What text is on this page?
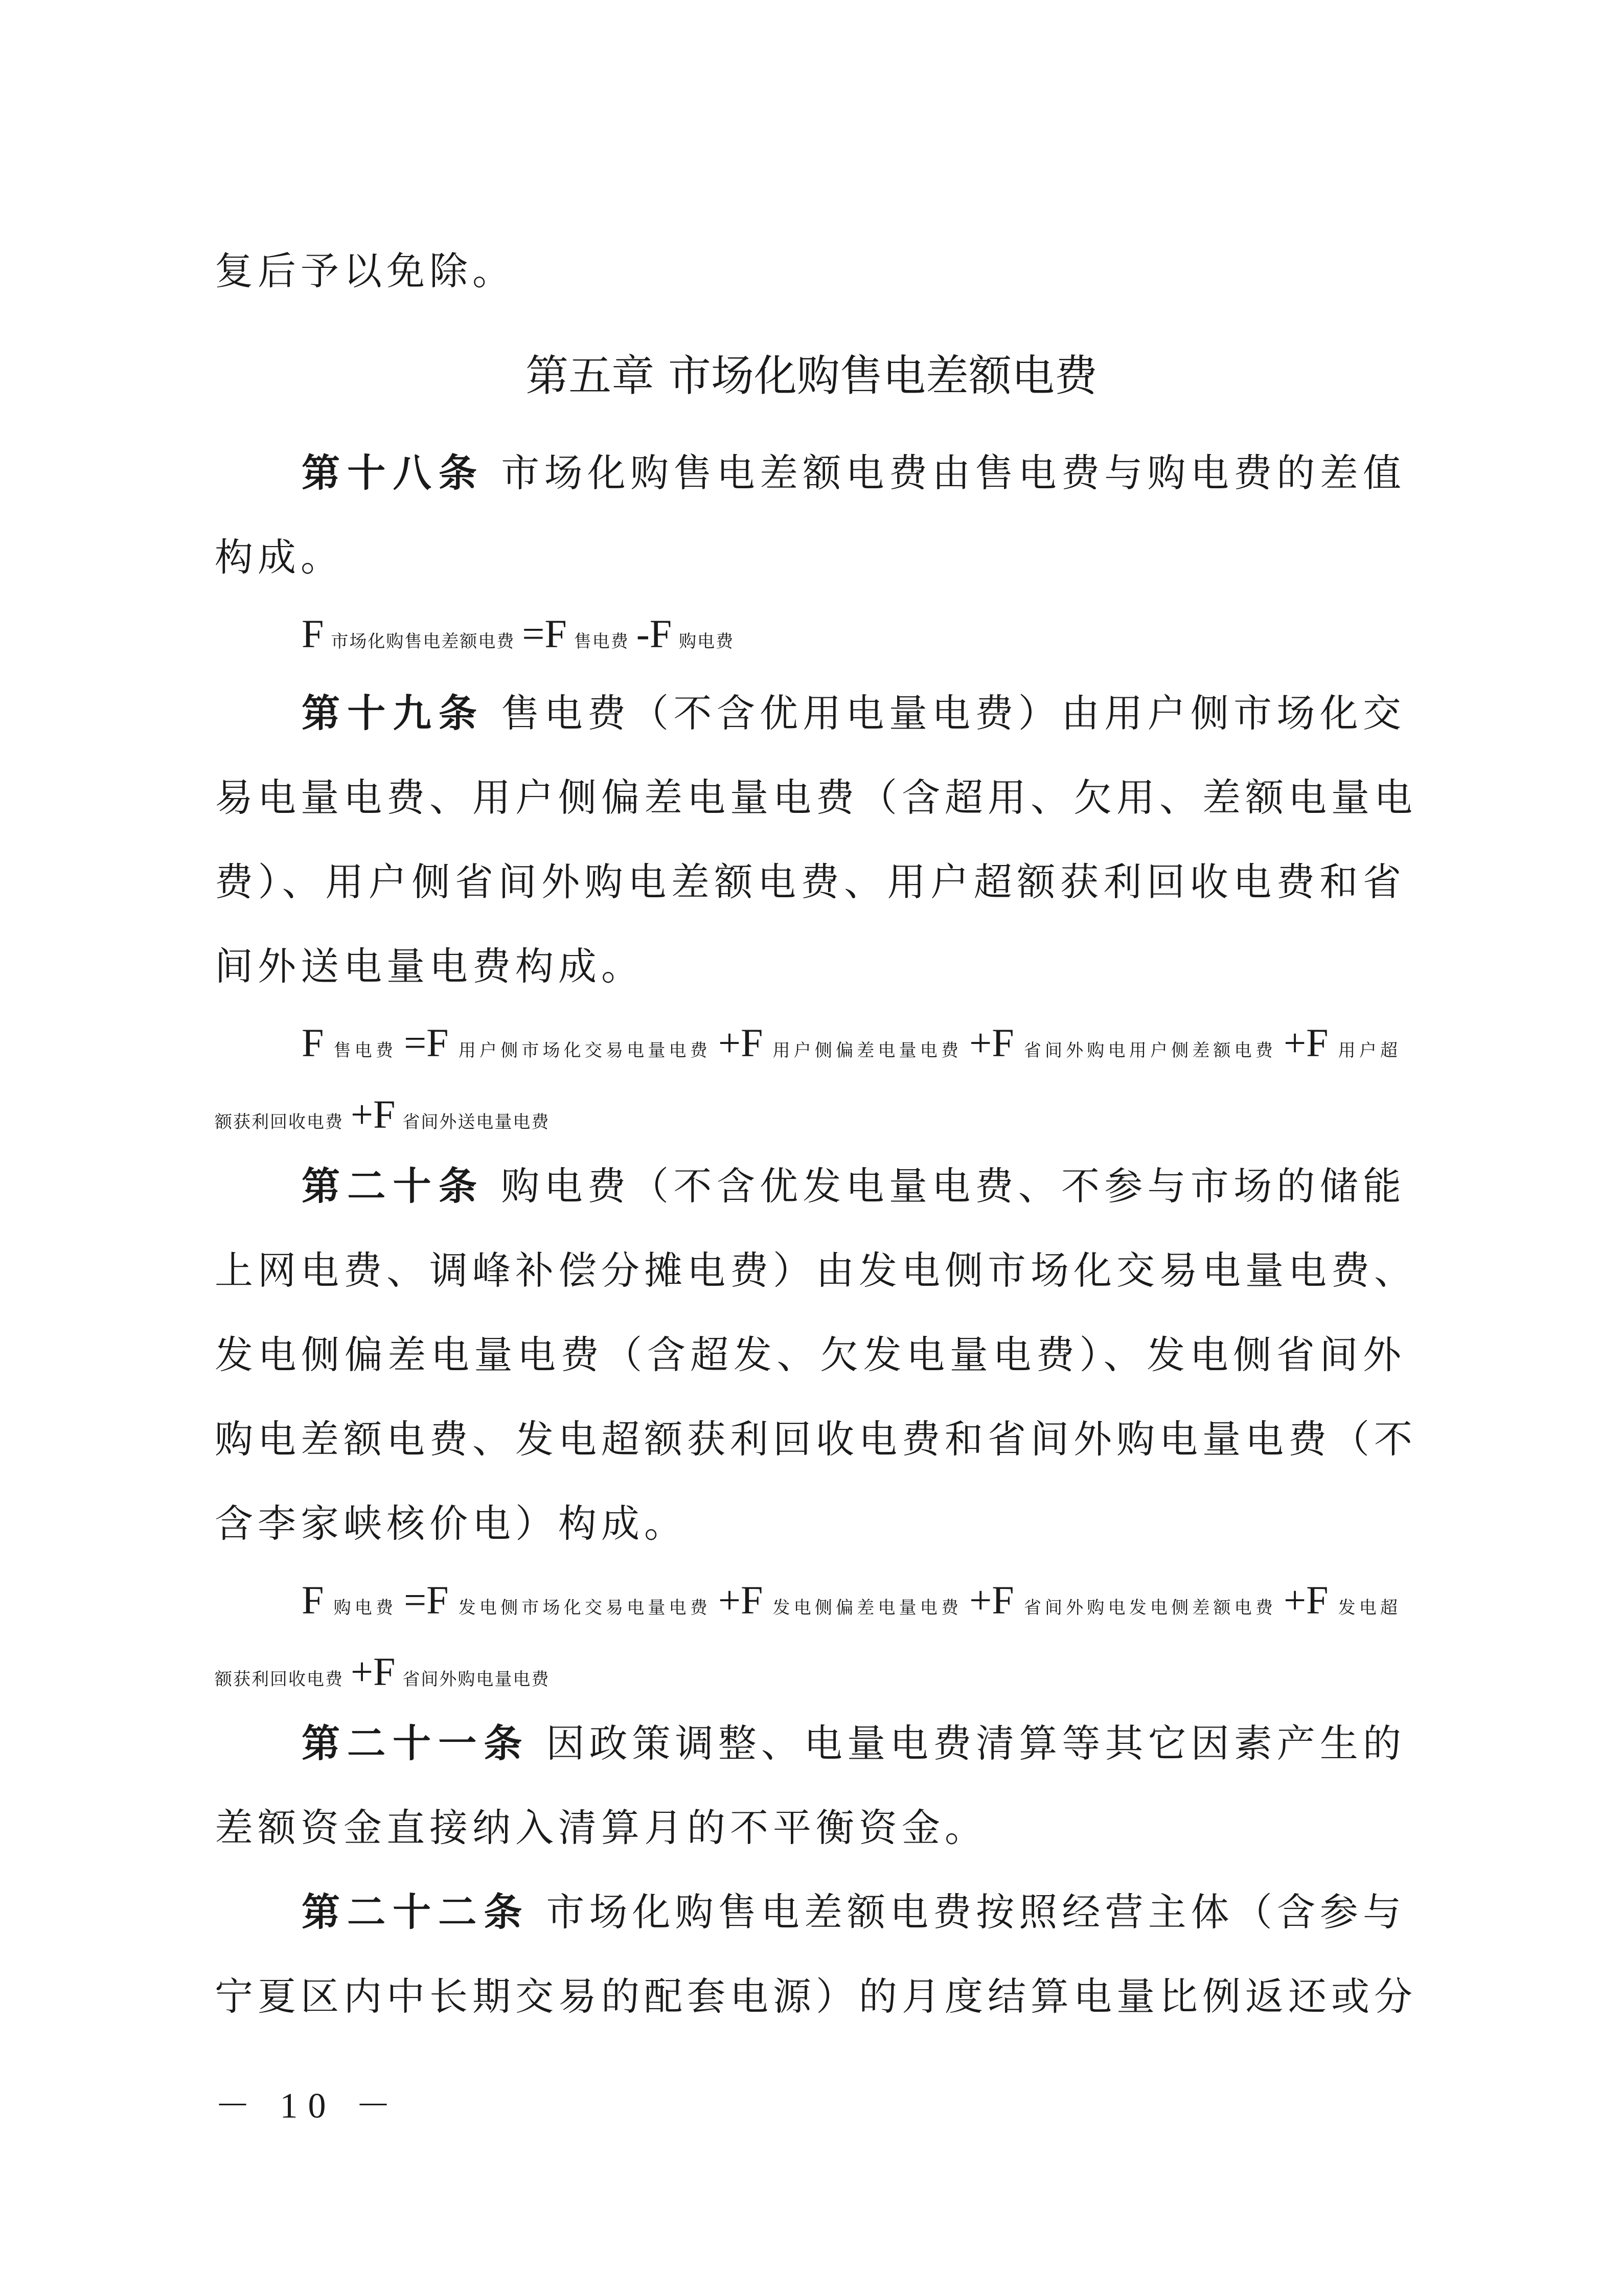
复后予以免除。
第五章 市场化购售电差额电费
第十八条 市场化购售电差额电费由售电费与购电费的差值
构成。
F市场化购售电差额电费 =F 售电费 -F 购电费
第十九条 售电费（不含优用电量电费）由用户侧市场化交
易电量电费、用户侧偏差电量电费（含超用、欠用、差额电量电
费）、用户侧省间外购电差额电费、用户超额获利回收电费和省
间外送电量电费构成。
F售电费 =F 用户侧市场化交易电量电费 +F 用户侧偏差电量电费 +F 省间外购电用户侧差额电费 +F 用户超
额获利回收电费 +F 省间外送电量电费
第二十条 购电费（不含优发电量电费、不参与市场的储能
上网电费、调峰补偿分摊电费）由发电侧市场化交易电量电费、
发电侧偏差电量电费（含超发、欠发电量电费）、发电侧省间外
购电差额电费、发电超额获利回收电费和省间外购电量电费（不
含李家峡核价电）构成。
F购电费 =F 发电侧市场化交易电量电费 +F 发电侧偏差电量电费 +F 省间外购电发电侧差额电费 +F 发电超
额获利回收电费 +F 省间外购电量电费
第二十一条 因政策调整、电量电费清算等其它因素产生的
差额资金直接纳入清算月的不平衡资金。
第二十二条 市场化购售电差额电费按照经营主体（含参与
宁夏区内中长期交易的配套电源）的月度结算电量比例返还或分
－ 10 －
